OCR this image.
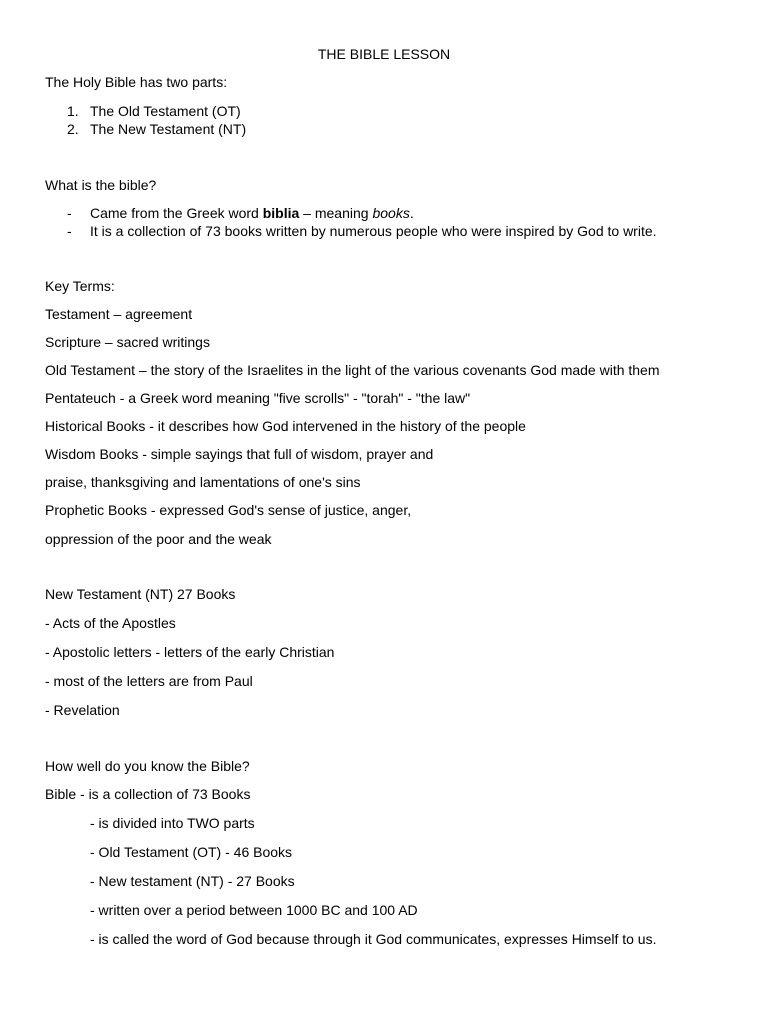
THE BIBLE LESSON
The Holy Bible has two parts:
1. The Old Testament (OT)
2. The New Testament (NT)
What is the bible?
- Came from the Greek word biblia – meaning books.
- It is a collection of 73 books written by numerous people who were inspired by God to write.
Key Terms:
Testament – agreement
Scripture – sacred writings
Old Testament – the story of the Israelites in the light of the various covenants God made with them
Pentateuch - a Greek word meaning "five scrolls" - "torah" - "the law"
Historical Books - it describes how God intervened in the history of the people
Wisdom Books - simple sayings that full of wisdom, prayer and
praise, thanksgiving and lamentations of one's sins
Prophetic Books - expressed God's sense of justice, anger,
oppression of the poor and the weak
New Testament (NT) 27 Books
- Acts of the Apostles
- Apostolic letters - letters of the early Christian
- most of the letters are from Paul
- Revelation
How well do you know the Bible?
Bible - is a collection of 73 Books
- is divided into TWO parts
- Old Testament (OT) - 46 Books
- New testament (NT) - 27 Books
- written over a period between 1000 BC and 100 AD
- is called the word of God because through it God communicates, expresses Himself to us.
